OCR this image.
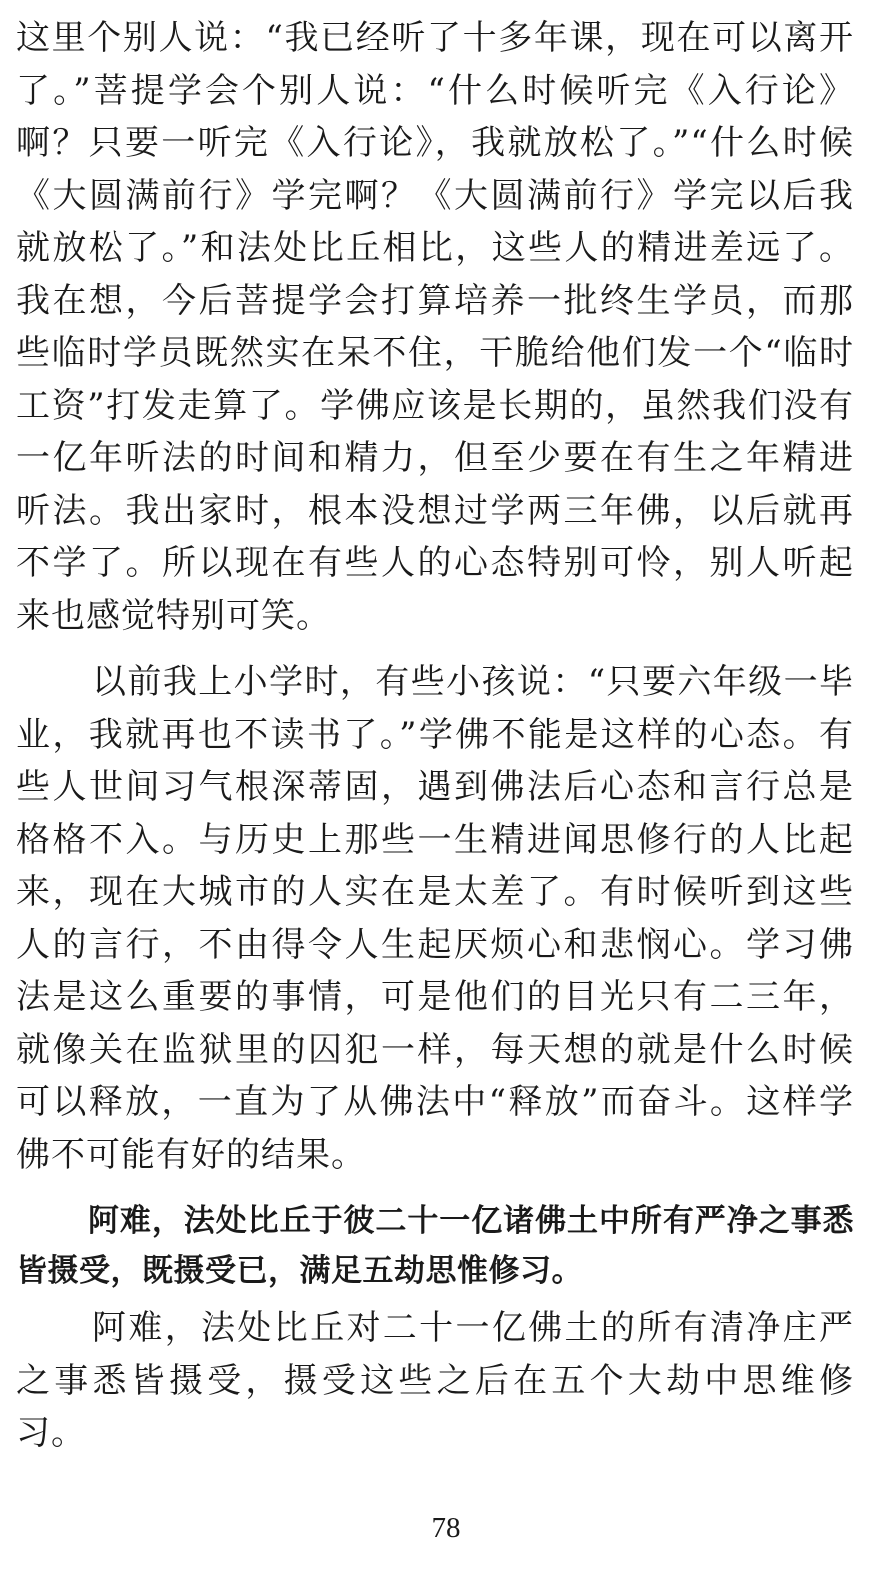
这里个别人说：“我已经听了十多年课，现在可以离开了。”菩提学会个别人说：“什么时候听完《入行论》啊？只要一听完《入行论》，我就放松了。”“什么时候《大圆满前行》学完啊？《大圆满前行》学完以后我就放松了。”和法处比丘相比，这些人的精进差远了。我在想，今后菩提学会打算培养一批终生学员，而那些临时学员既然实在呆不住，干脆给他们发一个“临时工资”打发走算了。学佛应该是长期的，虽然我们没有一亿年听法的时间和精力，但至少要在有生之年精进听法。我出家时，根本没想过学两三年佛，以后就再不学了。所以现在有些人的心态特别可怜，别人听起来也感觉特别可笑。

以前我上小学时，有些小孩说：“只要六年级一毕业，我就再也不读书了。”学佛不能是这样的心态。有些人世间习气根深蒂固，遇到佛法后心态和言行总是格格不入。与历史上那些一生精进闻思修行的人比起来，现在大城市的人实在是太差了。有时候听到这些人的言行，不由得令人生起厌烦心和悲悯心。学习佛法是这么重要的事情，可是他们的目光只有二三年，就像关在监狱里的囚犯一样，每天想的就是什么时候可以释放，一直为了从佛法中“释放”而奋斗。这样学佛不可能有好的结果。

阿难，法处比丘于彼二十一亿诸佛土中所有严净之事悉皆摄受，既摄受已，满足五劫思惟修习。

阿难，法处比丘对二十一亿佛土的所有清净庄严之事悉皆摄受，摄受这些之后在五个大劫中思维修习。

78
